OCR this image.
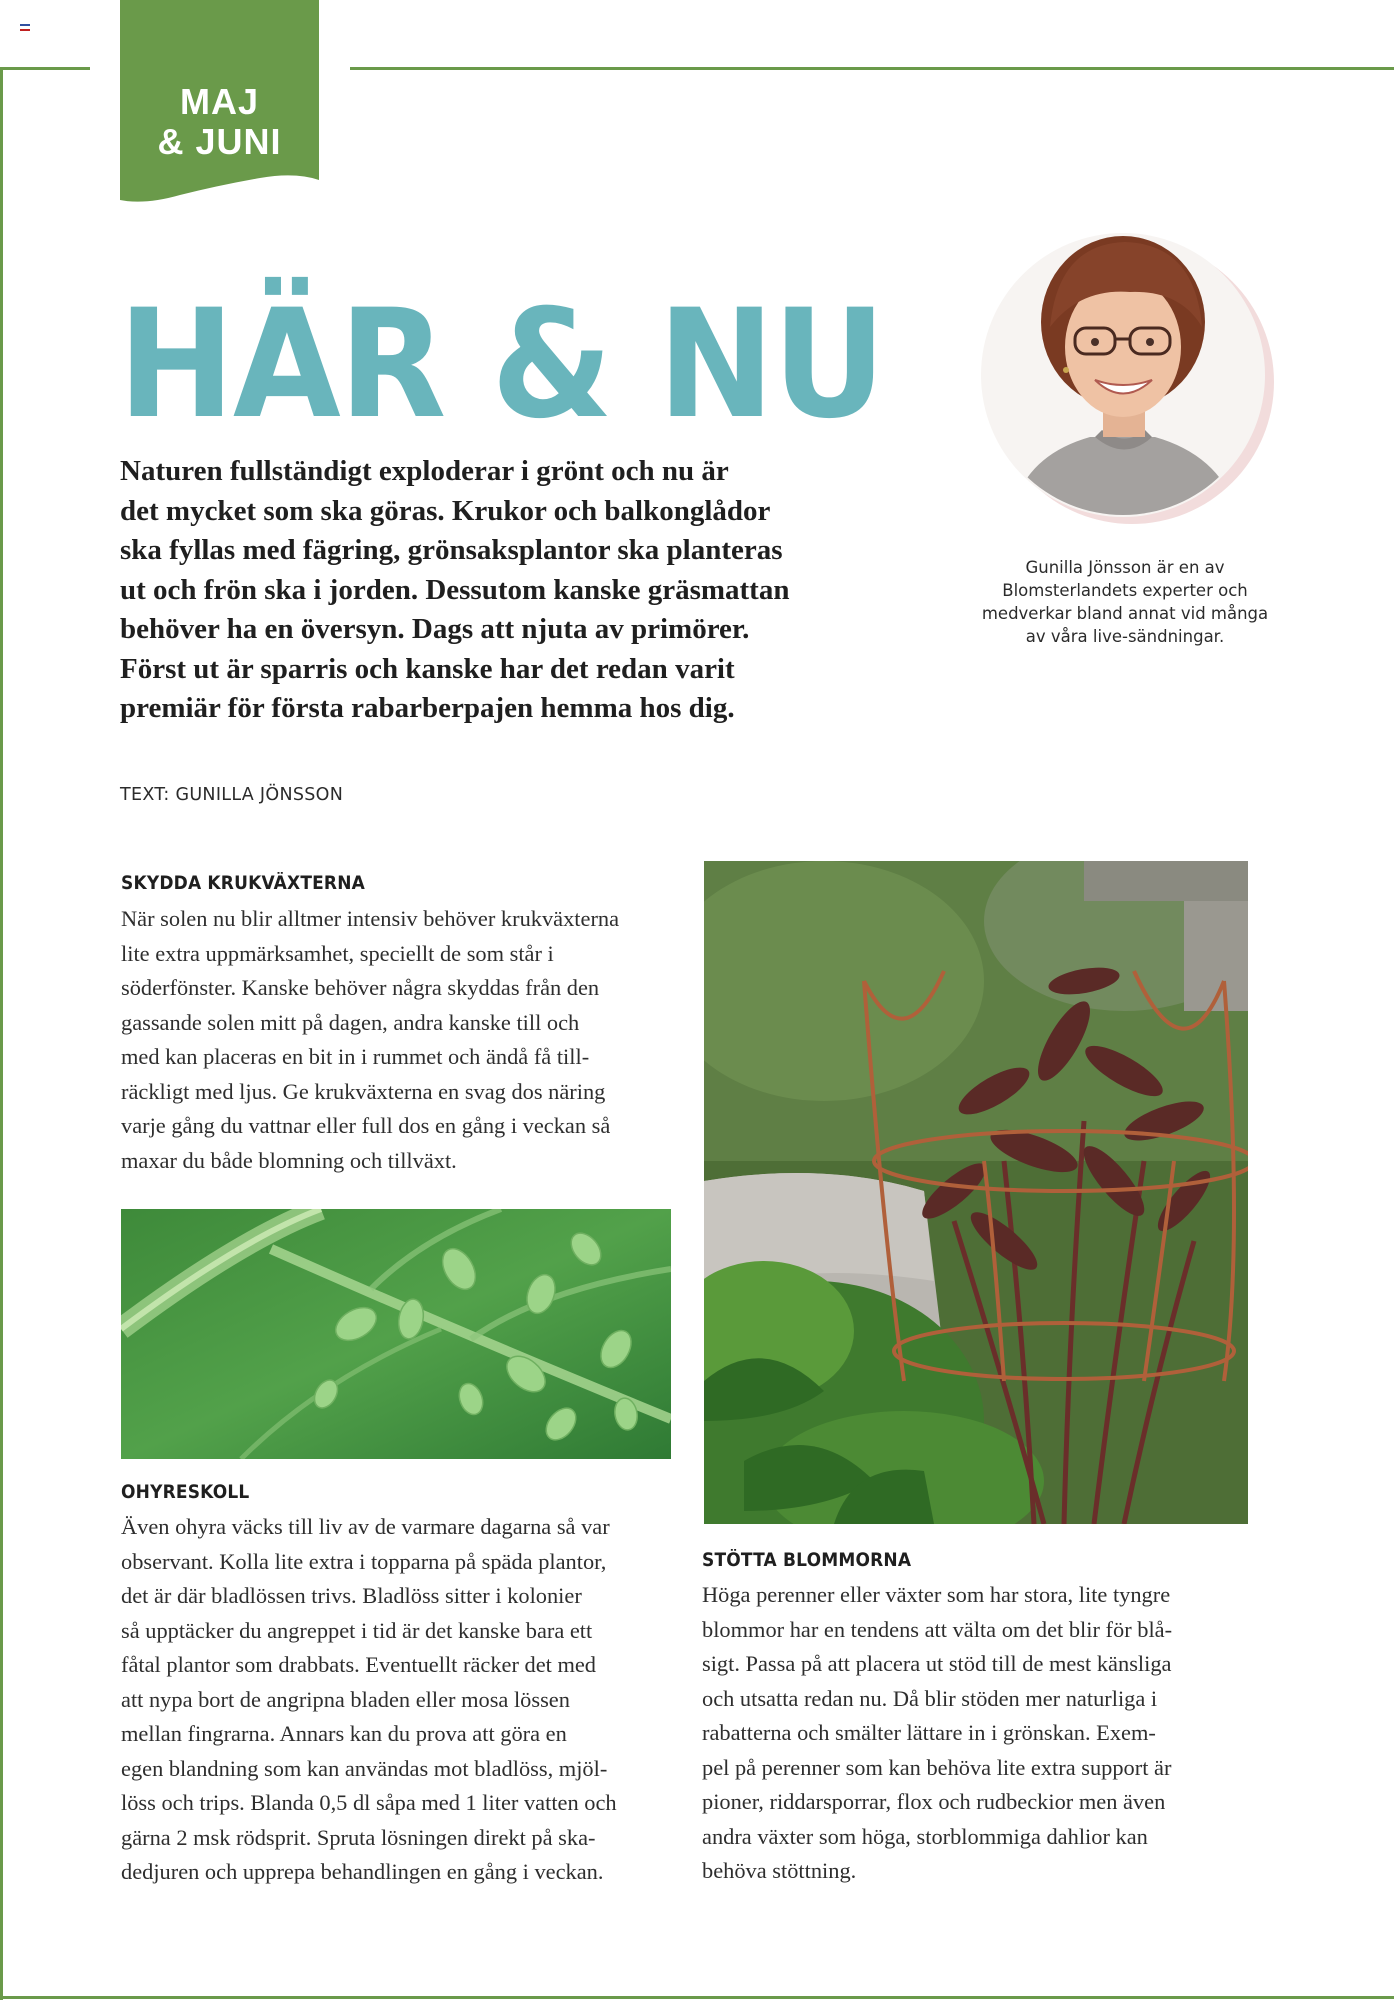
MAJ
& JUNI
HÄR & NU
Naturen fullständigt exploderar i grönt och nu är
det mycket som ska göras. Krukor och balkonglådor
ska fyllas med fägring, grönsaksplantor ska planteras
ut och frön ska i jorden. Dessutom kanske gräsmattan
behöver ha en översyn. Dags att njuta av primörer.
Först ut är sparris och kanske har det redan varit
premiär för första rabarberpajen hemma hos dig.
Gunilla Jönsson är en av
Blomsterlandets experter och
medverkar bland annat vid många
av våra live-sändningar.
TEXT: GUNILLA JÖNSSON
SKYDDA KRUKVÄXTERNA
När solen nu blir alltmer intensiv behöver krukväxterna
lite extra uppmärksamhet, speciellt de som står i
söderfönster. Kanske behöver några skyddas från den
gassande solen mitt på dagen, andra kanske till och
med kan placeras en bit in i rummet och ändå få till-
räckligt med ljus. Ge krukväxterna en svag dos näring
varje gång du vattnar eller full dos en gång i veckan så
maxar du både blomning och tillväxt.
OHYRESKOLL
Även ohyra väcks till liv av de varmare dagarna så var
observant. Kolla lite extra i topparna på späda plantor,
det är där bladlössen trivs. Bladlöss sitter i kolonier
så upptäcker du angreppet i tid är det kanske bara ett
fåtal plantor som drabbats. Eventuellt räcker det med
att nypa bort de angripna bladen eller mosa lössen
mellan fingrarna. Annars kan du prova att göra en
egen blandning som kan användas mot bladlöss, mjöl-
löss och trips. Blanda 0,5 dl såpa med 1 liter vatten och
gärna 2 msk rödsprit. Spruta lösningen direkt på ska-
dedjuren och upprepa behandlingen en gång i veckan.
STÖTTA BLOMMORNA
Höga perenner eller växter som har stora, lite tyngre
blommor har en tendens att välta om det blir för blå-
sigt. Passa på att placera ut stöd till de mest känsliga
och utsatta redan nu. Då blir stöden mer naturliga i
rabatterna och smälter lättare in i grönskan. Exem-
pel på perenner som kan behöva lite extra support är
pioner, riddarsporrar, flox och rudbeckior men även
andra växter som höga, storblommiga dahlior kan
behöva stöttning.
